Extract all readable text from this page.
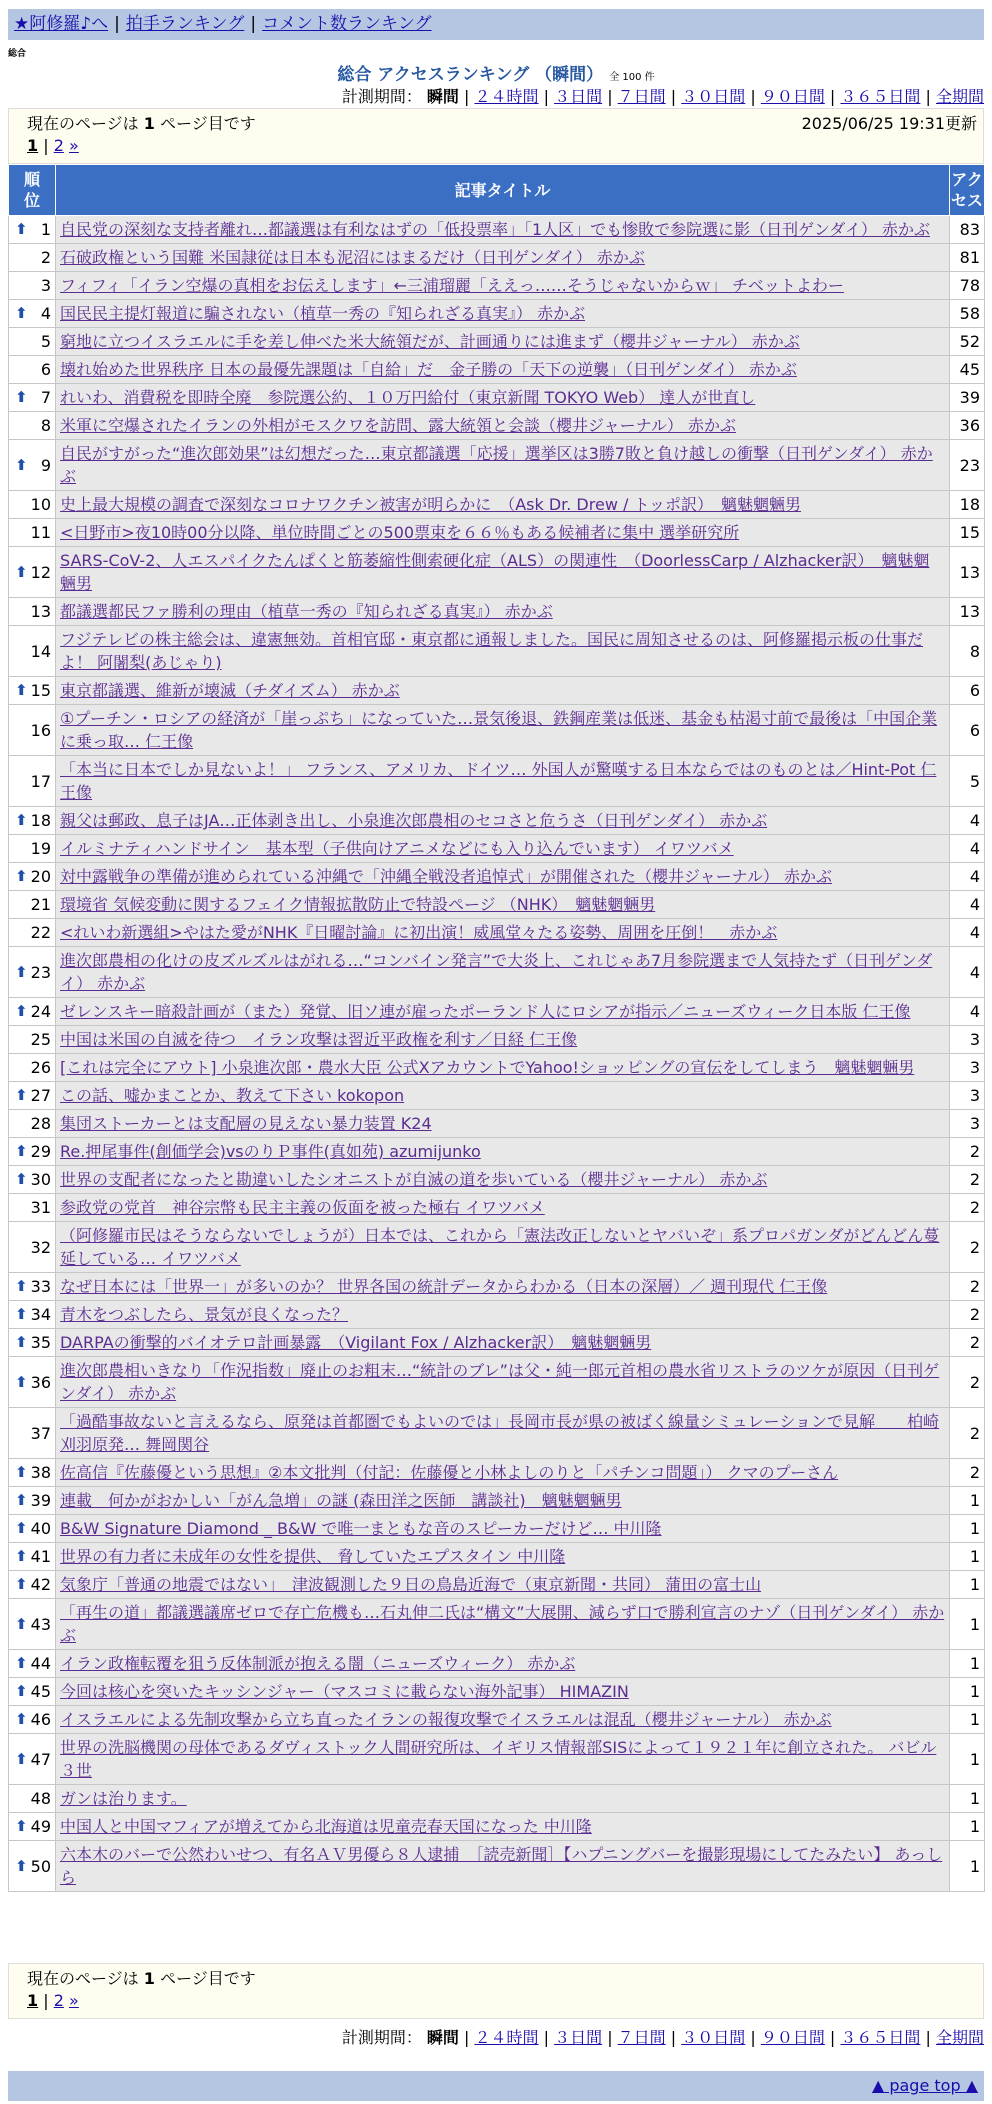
★阿修羅♪へ | 拍手ランキング | コメント数ランキング
総合
総合 アクセスランキング （瞬間） 全 100 件
計測期間： 瞬間 | ２４時間 | ３日間 | ７日間 | ３０日間 | ９０日間 | ３６５日間 | 全期間
現在のページは 1 ページ目です	2025/06/25 19:31更新
1 | 2 »
順
位	記事タイトル	アク
セス

⬆ 1	自民党の深刻な支持者離れ…都議選は有利なはずの「低投票率」「1人区」でも惨敗で参院選に影（日刊ゲンダイ） 赤かぶ	83
2	石破政権という国難 米国隷従は日本も泥沼にはまるだけ（日刊ゲンダイ） 赤かぶ	81
3	フィフィ「イラン空爆の真相をお伝えします」←三浦瑠麗「ええっ……そうじゃないからｗ」 チベットよわー	78

⬆ 4	国民民主提灯報道に騙されない（植草一秀の『知られざる真実』） 赤かぶ	58
5	窮地に立つイスラエルに手を差し伸べた米大統領だが、計画通りには進まず（櫻井ジャーナル） 赤かぶ	52
6	壊れ始めた世界秩序 日本の最優先課題は「自給」だ　金子勝の「天下の逆襲」（日刊ゲンダイ） 赤かぶ	45

⬆ 7	れいわ、消費税を即時全廃　参院選公約、１０万円給付（東京新聞 TOKYO Web） 達人が世直し	39
8	米軍に空爆されたイランの外相がモスクワを訪問、露大統領と会談（櫻井ジャーナル） 赤かぶ	36

⬆ 9	自民がすがった“進次郎効果”は幻想だった…東京都議選「応援」選挙区は3勝7敗と負け越しの衝撃（日刊ゲンダイ） 赤かぶ	23
10	史上最大規模の調査で深刻なコロナワクチン被害が明らかに　（Ask Dr. Drew / トッポ訳）　魑魅魍魎男	18
11	<日野市>夜10時00分以降、単位時間ごとの500票束を６６％もある候補者に集中 選挙研究所	15

⬆ 12	SARS-CoV-2、人エスパイクたんぱくと筋萎縮性側索硬化症（ALS）の関連性　（DoorlessCarp / Alzhacker訳）　魑魅魍魎男	13
13	都議選都民ファ勝利の理由（植草一秀の『知られざる真実』） 赤かぶ	13
14	フジテレビの株主総会は、違憲無効。首相官邸・東京都に通報しました。国民に周知させるのは、阿修羅掲示板の仕事だよ！ 阿闍梨(あじゃり)	8

⬆ 15	東京都議選、維新が壊滅（チダイズム） 赤かぶ	6
16	①プーチン・ロシアの経済が「崖っぷち」になっていた…景気後退、鉄鋼産業は低迷、基金も枯渇寸前で最後は「中国企業に乗っ取… 仁王像	6
17	「本当に日本でしか見ないよ！」 フランス、アメリカ、ドイツ… 外国人が驚嘆する日本ならではのものとは／Hint-Pot 仁王像	5

⬆ 18	親父は郵政、息子はJA…正体剥き出し、小泉進次郎農相のセコさと危うさ（日刊ゲンダイ） 赤かぶ	4
19	イルミナティハンドサイン　基本型（子供向けアニメなどにも入り込んでいます） イワツバメ	4

⬆ 20	対中露戦争の準備が進められている沖縄で「沖縄全戦没者追悼式」が開催された（櫻井ジャーナル） 赤かぶ	4
21	環境省 気候変動に関するフェイク情報拡散防止で特設ページ （NHK）　魑魅魍魎男	4
22	<れいわ新選組>やはた愛がNHK『日曜討論』に初出演！威風堂々たる姿勢、周囲を圧倒！　赤かぶ	4

⬆ 23	進次郎農相の化けの皮ズルズルはがれる…“コンバイン発言”で大炎上、これじゃあ7月参院選まで人気持たず（日刊ゲンダイ） 赤かぶ	4

⬆ 24	ゼレンスキー暗殺計画が（また）発覚、旧ソ連が雇ったポーランド人にロシアが指示／ニューズウィーク日本版 仁王像	4
25	中国は米国の自滅を待つ　イラン攻撃は習近平政権を利す／日経 仁王像	3
26	[これは完全にアウト] 小泉進次郎・農水大臣 公式XアカウントでYahoo!ショッピングの宣伝をしてしまう　魑魅魍魎男	3

⬆ 27	この話、嘘かまことか、教えて下さい kokopon	3
28	集団ストーカーとは支配層の見えない暴力装置 K24	3

⬆ 29	Re.押尾事件(創価学会)vsのりＰ事件(真如苑) azumijunko	2

⬆ 30	世界の支配者になったと勘違いしたシオニストが自滅の道を歩いている（櫻井ジャーナル） 赤かぶ	2
31	参政党の党首　神谷宗幣も民主主義の仮面を被った極右 イワツバメ	2
32	（阿修羅市民はそうならないでしょうが）日本では、これから「憲法改正しないとヤバいぞ」系プロパガンダがどんどん蔓延している… イワツバメ	2

⬆ 33	なぜ日本には「世界一」が多いのか？ 世界各国の統計データからわかる（日本の深層）／ 週刊現代 仁王像	2

⬆ 34	青木をつぶしたら、景気が良くなった？	2

⬆ 35	DARPAの衝撃的バイオテロ計画暴露　（Vigilant Fox / Alzhacker訳）　魑魅魍魎男	2

⬆ 36	進次郎農相いきなり「作況指数」廃止のお粗末…“統計のブレ”は父・純一郎元首相の農水省リストラのツケが原因（日刊ゲンダイ） 赤かぶ	2
37	「過酷事故ないと言えるなら、原発は首都圏でもよいのでは」長岡市長が県の被ばく線量シミュレーションで見解　　柏崎刈羽原発… 舞岡関谷	2

⬆ 38	佐高信『佐藤優という思想』②本文批判（付記：佐藤優と小林よしのりと「パチンコ問題」） クマのプーさん	2

⬆ 39	連載　何かがおかしい「がん急増」の謎 (森田洋之医師　講談社)　魑魅魍魎男	1

⬆ 40	B&W Signature Diamond _ B&W で唯一まともな音のスピーカーだけど… 中川隆	1

⬆ 41	世界の有力者に未成年の女性を提供、 脅していたエプスタイン 中川隆	1

⬆ 42	気象庁「普通の地震ではない」　津波観測した９日の鳥島近海で（東京新聞・共同） 蒲田の富士山	1

⬆ 43	「再生の道」都議選議席ゼロで存亡危機も…石丸伸二氏は“構文”大展開、減らず口で勝利宣言のナゾ（日刊ゲンダイ） 赤かぶ	1

⬆ 44	イラン政権転覆を狙う反体制派が抱える闇（ニューズウィーク） 赤かぶ	1

⬆ 45	今回は核心を突いたキッシンジャー（マスコミに載らない海外記事） HIMAZIN	1

⬆ 46	イスラエルによる先制攻撃から立ち直ったイランの報復攻撃でイスラエルは混乱（櫻井ジャーナル） 赤かぶ	1

⬆ 47	世界の洗脳機関の母体であるダヴィストック人間研究所は、イギリス情報部SISによって１９２１年に創立された。 バビル３世	1
48	ガンは治ります。	1

⬆ 49	中国人と中国マフィアが増えてから北海道は児童売春天国になった 中川隆	1

⬆ 50	六本木のバーで公然わいせつ、有名ＡＶ男優ら８人逮捕　［読売新聞］【ハプニングバーを撮影現場にしてたみたい】 あっしら	1
現在のページは 1 ページ目です
1 | 2 »
計測期間： 瞬間 | ２４時間 | ３日間 | ７日間 | ３０日間 | ９０日間 | ３６５日間 | 全期間
▲ page top ▲
